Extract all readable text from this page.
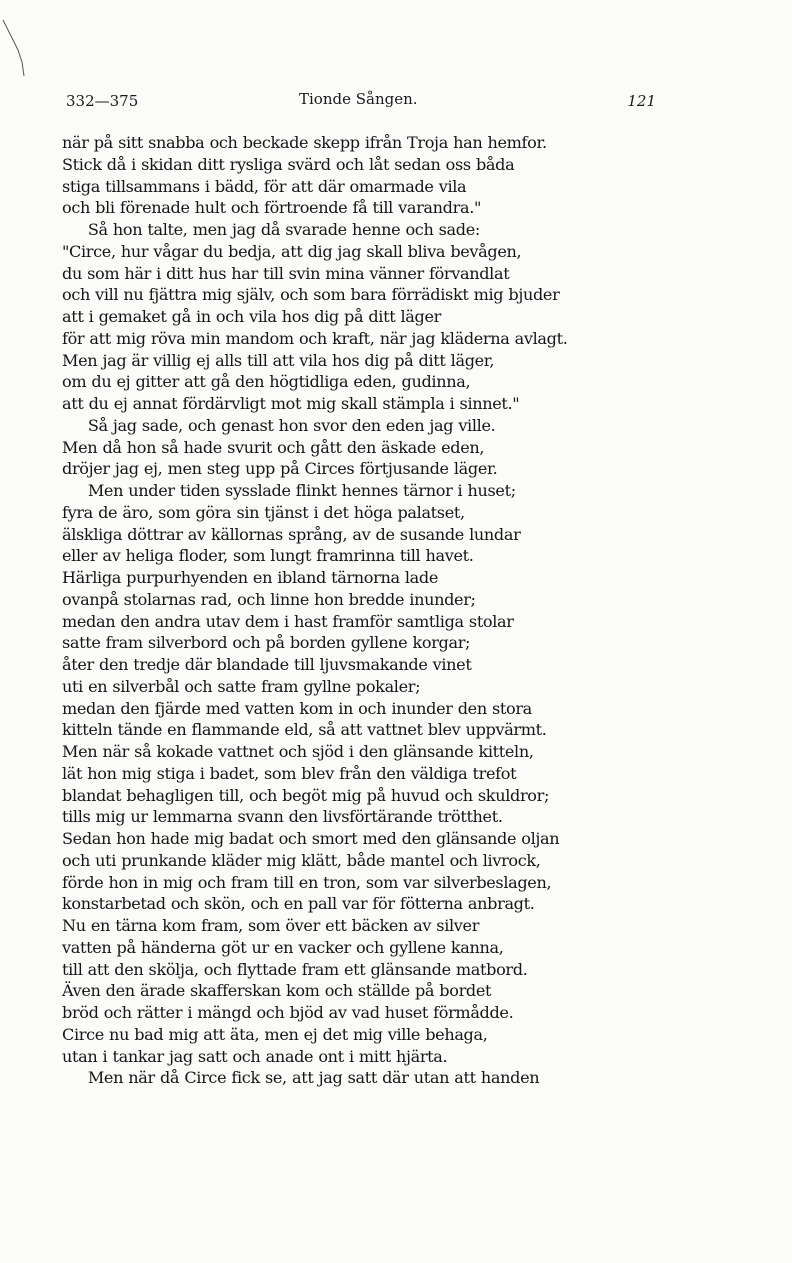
332—375	Tionde Sången.	121
när på sitt snabba och beckade skepp ifrån Troja han hemfor.
Stick då i skidan ditt rysliga svärd och låt sedan oss båda
stiga tillsammans i bädd, för att där omarmade vila
och bli förenade hult och förtroende få till varandra."
Så hon talte, men jag då svarade henne och sade:
"Circe, hur vågar du bedja, att dig jag skall bliva bevågen,
du som här i ditt hus har till svin mina vänner förvandlat
och vill nu fjättra mig själv, och som bara förrädiskt mig bjuder
att i gemaket gå in och vila hos dig på ditt läger
för att mig röva min mandom och kraft, när jag kläderna avlagt.
Men jag är villig ej alls till att vila hos dig på ditt läger,
om du ej gitter att gå den högtidliga eden, gudinna,
att du ej annat fördärvligt mot mig skall stämpla i sinnet."
Så jag sade, och genast hon svor den eden jag ville.
Men då hon så hade svurit och gått den äskade eden,
dröjer jag ej, men steg upp på Circes förtjusande läger.
Men under tiden sysslade flinkt hennes tärnor i huset;
fyra de äro, som göra sin tjänst i det höga palatset,
älskliga döttrar av källornas språng, av de susande lundar
eller av heliga floder, som lungt framrinna till havet.
Härliga purpurhyenden en ibland tärnorna lade
ovanpå stolarnas rad, och linne hon bredde inunder;
medan den andra utav dem i hast framför samtliga stolar
satte fram silverbord och på borden gyllene korgar;
åter den tredje där blandade till ljuvsmakande vinet
uti en silverbål och satte fram gyllne pokaler;
medan den fjärde med vatten kom in och inunder den stora
kitteln tände en flammande eld, så att vattnet blev uppvärmt.
Men när så kokade vattnet och sjöd i den glänsande kitteln,
lät hon mig stiga i badet, som blev från den väldiga trefot
blandat behagligen till, och begöt mig på huvud och skuldror;
tills mig ur lemmarna svann den livsförtärande trötthet.
Sedan hon hade mig badat och smort med den glänsande oljan
och uti prunkande kläder mig klätt, både mantel och livrock,
förde hon in mig och fram till en tron, som var silverbeslagen,
konstarbetad och skön, och en pall var för fötterna anbragt.
Nu en tärna kom fram, som över ett bäcken av silver
vatten på händerna göt ur en vacker och gyllene kanna,
till att den skölja, och flyttade fram ett glänsande matbord.
Även den ärade skafferskan kom och ställde på bordet
bröd och rätter i mängd och bjöd av vad huset förmådde.
Circe nu bad mig att äta, men ej det mig ville behaga,
utan i tankar jag satt och anade ont i mitt hjärta.
Men när då Circe fick se, att jag satt där utan att handen
